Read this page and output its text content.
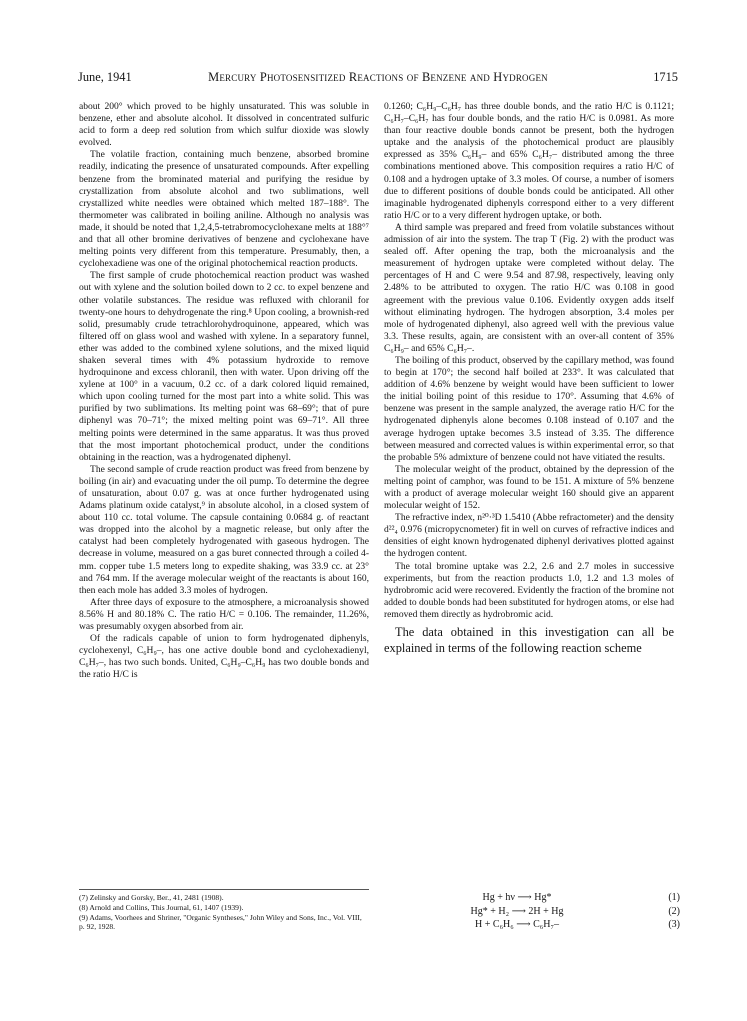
June, 1941	Mercury Photosensitized Reactions of Benzene and Hydrogen	1715

about 200° which proved to be highly unsaturated. This was soluble in benzene, ether and absolute alcohol. It dissolved in concentrated sulfuric acid to form a deep red solution from which sulfur dioxide was slowly evolved.

The volatile fraction, containing much benzene, absorbed bromine readily, indicating the presence of unsaturated compounds. After expelling benzene from the brominated material and purifying the residue by crystallization from absolute alcohol and two sublimations, well crystallized white needles were obtained which melted 187–188°. The thermometer was calibrated in boiling aniline. Although no analysis was made, it should be noted that 1,2,4,5-tetrabromocyclohexane melts at 188°⁷ and that all other bromine derivatives of benzene and cyclohexane have melting points very different from this temperature. Presumably, then, a cyclohexadiene was one of the original photochemical reaction products.

The first sample of crude photochemical reaction product was washed out with xylene and the solution boiled down to 2 cc. to expel benzene and other volatile substances. The residue was refluxed with chloranil for twenty-one hours to dehydrogenate the ring.⁸ Upon cooling, a brownish-red solid, presumably crude tetrachlorohydroquinone, appeared, which was filtered off on glass wool and washed with xylene. In a separatory funnel, ether was added to the combined xylene solutions, and the mixed liquid shaken several times with 4% potassium hydroxide to remove hydroquinone and excess chloranil, then with water. Upon driving off the xylene at 100° in a vacuum, 0.2 cc. of a dark colored liquid remained, which upon cooling turned for the most part into a white solid. This was purified by two sublimations. Its melting point was 68–69°; that of pure diphenyl was 70–71°; the mixed melting point was 69–71°. All three melting points were determined in the same apparatus. It was thus proved that the most important photochemical product, under the conditions obtaining in the reaction, was a hydrogenated diphenyl.

The second sample of crude reaction product was freed from benzene by boiling (in air) and evacuating under the oil pump. To determine the degree of unsaturation, about 0.07 g. was at once further hydrogenated using Adams platinum oxide catalyst,⁹ in absolute alcohol, in a closed system of about 110 cc. total volume. The capsule containing 0.0684 g. of reactant was dropped into the alcohol by a magnetic release, but only after the catalyst had been completely hydrogenated with gaseous hydrogen. The decrease in volume, measured on a gas buret connected through a coiled 4-mm. copper tube 1.5 meters long to expedite shaking, was 33.9 cc. at 23° and 764 mm. If the average molecular weight of the reactants is about 160, then each mole has added 3.3 moles of hydrogen.

After three days of exposure to the atmosphere, a microanalysis showed 8.56% H and 80.18% C. The ratio H/C = 0.106. The remainder, 11.26%, was presumably oxygen absorbed from air.

Of the radicals capable of union to form hydrogenated diphenyls, cyclohexenyl, C₆H₉–, has one active double bond and cyclohexadienyl, C₆H₇–, has two such bonds. United, C₆H₉–C₆H₉ has two double bonds and the ratio H/C is

(7) Zelinsky and Gorsky, Ber., 41, 2481 (1908).
(8) Arnold and Collins, This Journal, 61, 1407 (1939).
(9) Adams, Voorhees and Shriner, "Organic Syntheses," John Wiley and Sons, Inc., Vol. VIII, p. 92, 1928.

0.1260; C₆H₉–C₆H₇ has three double bonds, and the ratio H/C is 0.1121; C₆H₇–C₆H₇ has four double bonds, and the ratio H/C is 0.0981. As more than four reactive double bonds cannot be present, both the hydrogen uptake and the analysis of the photochemical product are plausibly expressed as 35% C₆H₉– and 65% C₆H₇– distributed among the three combinations mentioned above. This composition requires a ratio H/C of 0.108 and a hydrogen uptake of 3.3 moles. Of course, a number of isomers due to different positions of double bonds could be anticipated. All other imaginable hydrogenated diphenyls correspond either to a very different ratio H/C or to a very different hydrogen uptake, or both.

A third sample was prepared and freed from volatile substances without admission of air into the system. The trap T (Fig. 2) with the product was sealed off. After opening the trap, both the microanalysis and the measurement of hydrogen uptake were completed without delay. The percentages of H and C were 9.54 and 87.98, respectively, leaving only 2.48% to be attributed to oxygen. The ratio H/C was 0.108 in good agreement with the previous value 0.106. Evidently oxygen adds itself without eliminating hydrogen. The hydrogen absorption, 3.4 moles per mole of hydrogenated diphenyl, also agreed well with the previous value 3.3. These results, again, are consistent with an over-all content of 35% C₆H₉– and 65% C₆H₇–.

The boiling of this product, observed by the capillary method, was found to begin at 170°; the second half boiled at 233°. It was calculated that addition of 4.6% benzene by weight would have been sufficient to lower the initial boiling point of this residue to 170°. Assuming that 4.6% of benzene was present in the sample analyzed, the average ratio H/C for the hydrogenated diphenyls alone becomes 0.108 instead of 0.107 and the average hydrogen uptake becomes 3.5 instead of 3.35. The difference between measured and corrected values is within experimental error, so that the probable 5% admixture of benzene could not have vitiated the results.

The molecular weight of the product, obtained by the depression of the melting point of camphor, was found to be 151. A mixture of 5% benzene with a product of average molecular weight 160 should give an apparent molecular weight of 152.

The refractive index, n²⁰·³D 1.5410 (Abbe refractometer) and the density d²²₄ 0.976 (micropycnometer) fit in well on curves of refractive indices and densities of eight known hydrogenated diphenyl derivatives plotted against the hydrogen content.

The total bromine uptake was 2.2, 2.6 and 2.7 moles in successive experiments, but from the reaction products 1.0, 1.2 and 1.3 moles of hydrobromic acid were recovered. Evidently the fraction of the bromine not added to double bonds had been substituted for hydrogen atoms, or else had removed them directly as hydrobromic acid.

The data obtained in this investigation can all be explained in terms of the following reaction scheme

Hg + hν ⟶ Hg*	(1)
Hg* + H₂ ⟶ 2H + Hg	(2)
H + C₆H₆ ⟶ C₆H₇–	(3)
